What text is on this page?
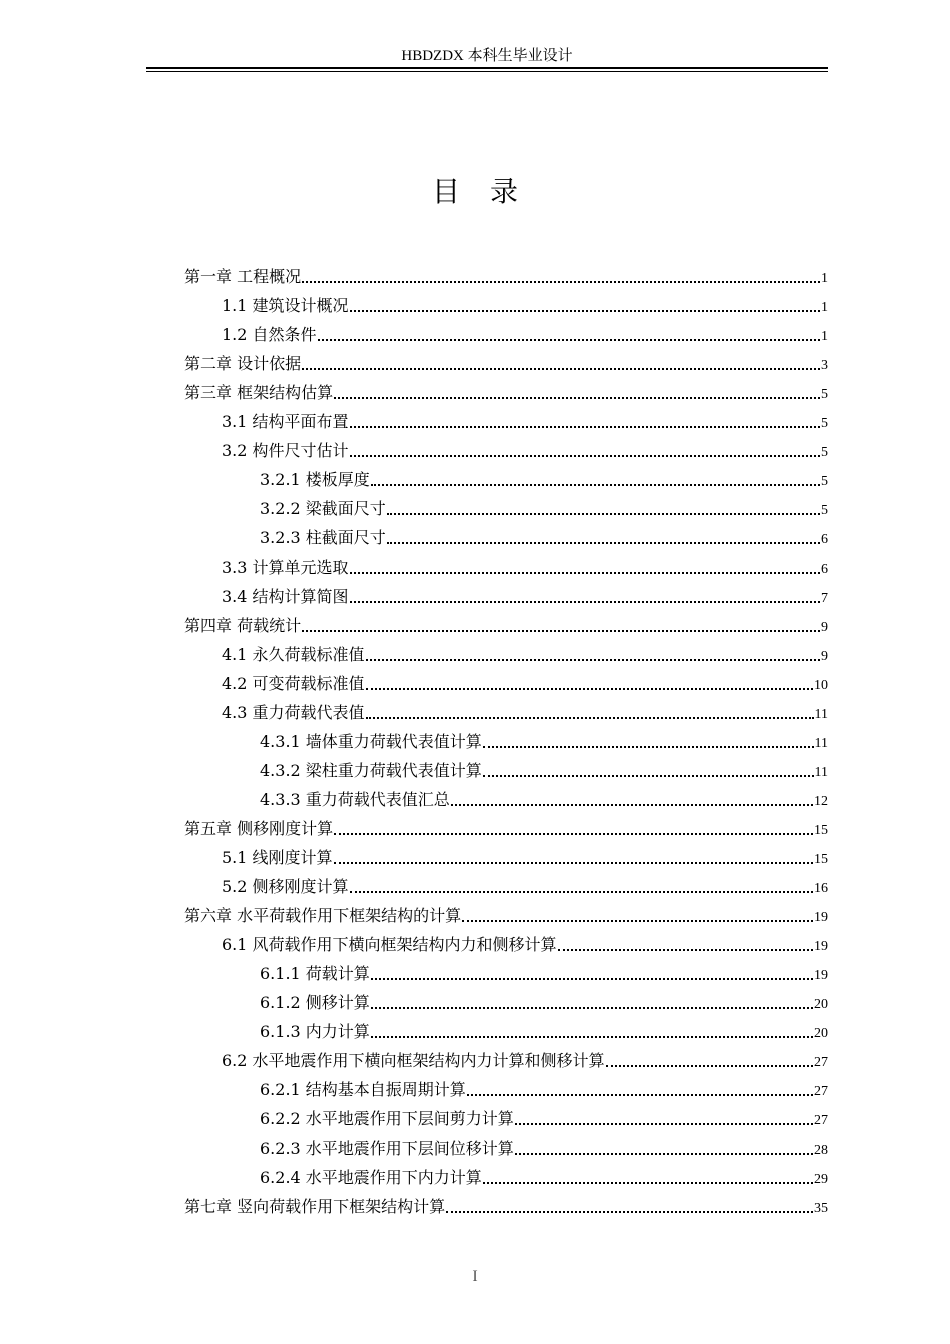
HBDZDX 本科生毕业设计
目录
第一章 工程概况	1
1.1 建筑设计概况	1
1.2 自然条件	1
第二章 设计依据	3
第三章 框架结构估算	5
3.1 结构平面布置	5
3.2 构件尺寸估计	5
3.2.1 楼板厚度	5
3.2.2 梁截面尺寸	5
3.2.3 柱截面尺寸	6
3.3 计算单元选取	6
3.4 结构计算简图	7
第四章 荷载统计	9
4.1 永久荷载标准值	9
4.2 可变荷载标准值	10
4.3 重力荷载代表值	11
4.3.1 墙体重力荷载代表值计算	11
4.3.2 梁柱重力荷载代表值计算	11
4.3.3 重力荷载代表值汇总	12
第五章 侧移刚度计算	15
5.1 线刚度计算	15
5.2 侧移刚度计算	16
第六章 水平荷载作用下框架结构的计算	19
6.1 风荷载作用下横向框架结构内力和侧移计算	19
6.1.1 荷载计算	19
6.1.2 侧移计算	20
6.1.3 内力计算	20
6.2 水平地震作用下横向框架结构内力计算和侧移计算	27
6.2.1 结构基本自振周期计算	27
6.2.2 水平地震作用下层间剪力计算	27
6.2.3 水平地震作用下层间位移计算	28
6.2.4 水平地震作用下内力计算	29
第七章 竖向荷载作用下框架结构计算	35
I
